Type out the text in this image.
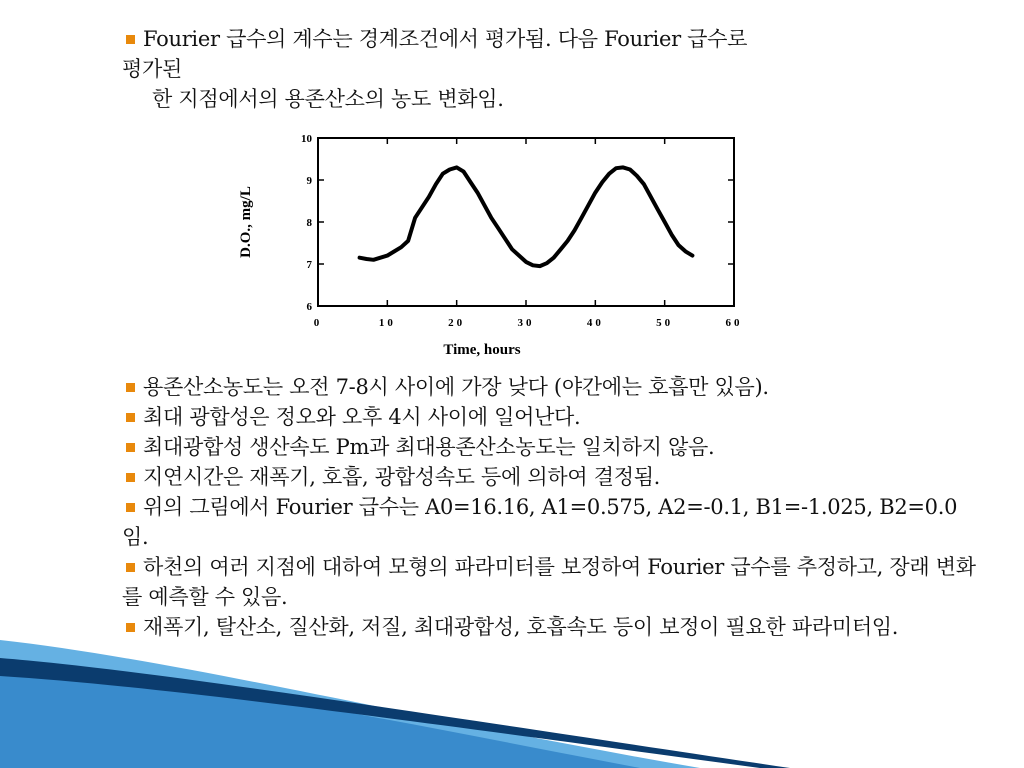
Fourier 급수의 계수는 경계조건에서 평가됨. 다음 Fourier 급수로
평가된
한 지점에서의 용존산소의 농도 변화임.
0	10	20	30	40	50	60
6
7
8
9
10
Time, hours
D.O., mg/L
용존산소농도는 오전 7-8시 사이에 가장 낮다 (야간에는 호흡만 있음).
최대 광합성은 정오와 오후 4시 사이에 일어난다.
최대광합성 생산속도 Pm과 최대용존산소농도는 일치하지 않음.
지연시간은 재폭기, 호흡, 광합성속도 등에 의하여 결정됨.
위의 그림에서 Fourier 급수는 A0=16.16, A1=0.575, A2=-0.1, B1=-1.025, B2=0.0 임.
하천의 여러 지점에 대하여 모형의 파라미터를 보정하여 Fourier 급수를 추정하고, 장래 변화를 예측할 수 있음.
재폭기, 탈산소, 질산화, 저질, 최대광합성, 호흡속도 등이 보정이 필요한 파라미터임.
